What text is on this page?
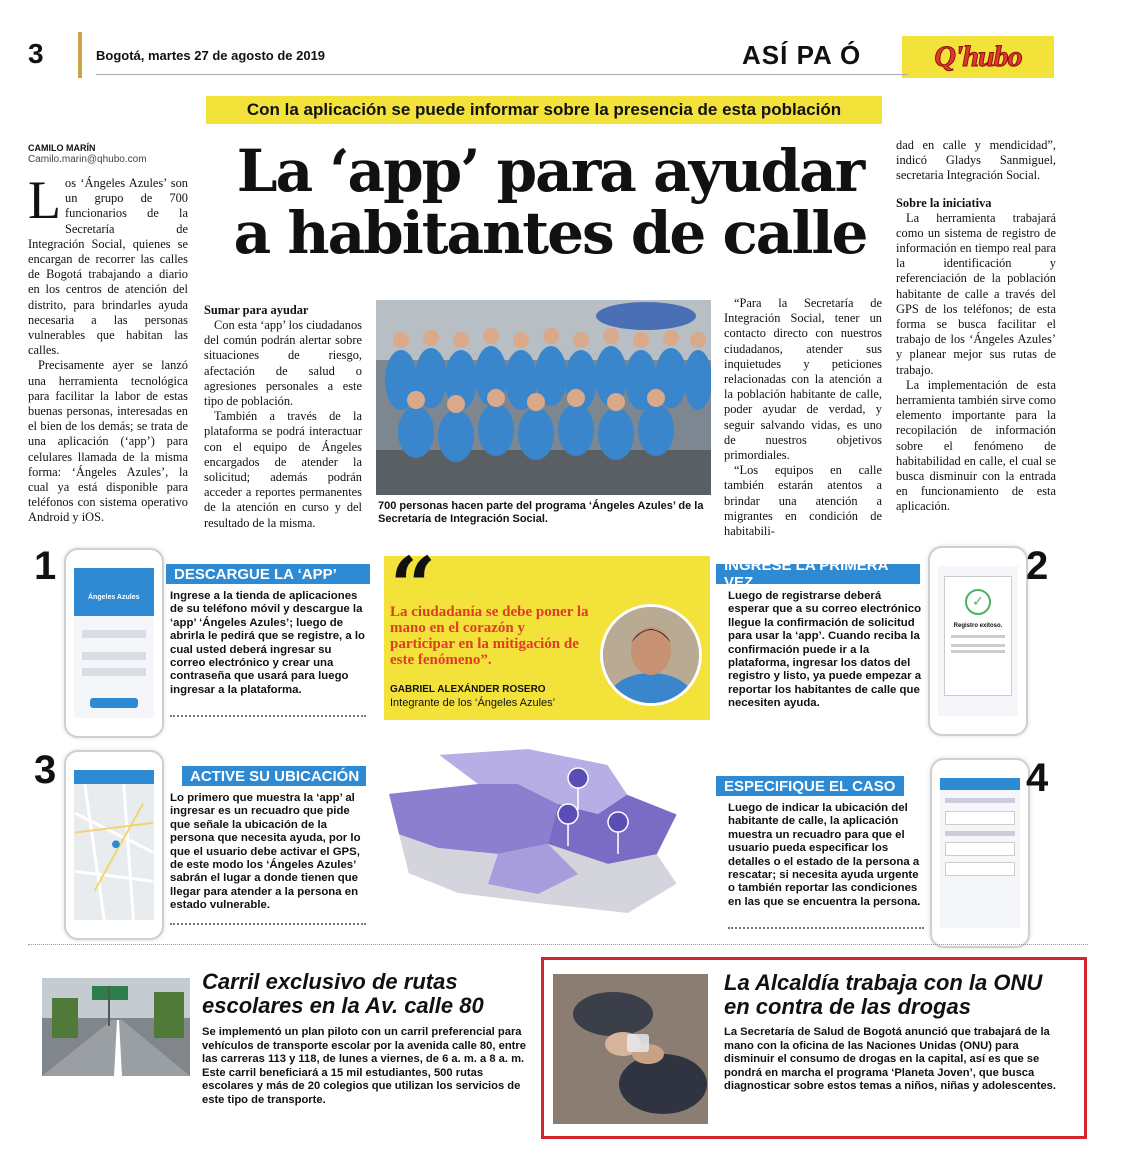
3	Bogotá, martes 27 de agosto de 2019	ASÍ PA Ó Q'hubo
Con la aplicación se puede informar sobre la presencia de esta población
CAMILO MARÍN
Camilo.marin@qhubo.com	La ‘app’ para ayudar a habitantes de calle
L os ‘Ángeles Azules’ son un grupo de 700 funcionarios de la Secretaría de Integración Social, quienes se encargan de recorrer las calles de Bogotá trabajando a diario en los centros de atención del distrito, para brindarles ayuda necesaria a las personas vulnerables que habitan las calles.

Precisamente ayer se lanzó una herramienta tecnológica para facilitar la labor de estas buenas personas, interesadas en el bien de los demás; se trata de una aplicación (‘app’) para celulares llamada de la misma forma: ‘Ángeles Azules’, la cual ya está disponible para teléfonos con sistema operativo Android y iOS.

Sumar para ayudar

Con esta ‘app’ los ciudadanos del común podrán alertar sobre situaciones de riesgo, afectación de salud o agresiones personales a este tipo de población.

También a través de la plataforma se podrá interactuar con el equipo de Ángeles encargados de atender la solicitud; además podrán acceder a reportes permanentes de la atención en curso y del resultado de la misma.

700 personas hacen parte del programa ‘Ángeles Azules’ de la Secretaría de Integración Social.

“Para la Secretaría de Integración Social, tener un contacto directo con nuestros ciudadanos, atender sus inquietudes y peticiones relacionadas con la atención a la población habitante de calle, poder ayudar de verdad, y seguir salvando vidas, es uno de nuestros objetivos primordiales.

“Los equipos en calle también estarán atentos a brindar una atención a migrantes en condición de habitabili-

dad en calle y mendicidad”, indicó Gladys Sanmiguel, secretaria Integración Social.

Sobre la iniciativa

La herramienta trabajará como un sistema de registro de información en tiempo real para la identificación y referenciación de la población habitante de calle a través del GPS de los teléfonos; de esta forma se busca facilitar el trabajo de los ‘Ángeles Azules’ y planear mejor sus rutas de trabajo.

La implementación de esta herramienta también sirve como elemento importante para la recopilación de información sobre el fenómeno de habitabilidad en calle, el cual se busca disminuir con la entrada en funcionamiento de esta aplicación.

1
Ángeles Azules
DESCARGUE LA ‘APP’
Ingrese a la tienda de aplicaciones de su teléfono móvil y descargue la ‘app’ ‘Ángeles Azules’; luego de abrirla le pedirá que se registre, a lo cual usted deberá ingresar su correo electrónico y crear una contraseña que usará para luego ingresar a la plataforma.
“
La ciudadanía se debe poner la mano en el corazón y participar en la mitigación de este fenómeno”.
GABRIEL ALEXÁNDER ROSERO
Integrante de los ‘Ángeles Azules’
INGRESE LA PRIMERA VEZ
Luego de registrarse deberá esperar que a su correo electrónico llegue la confirmación de solicitud para usar la ‘app’. Cuando reciba la confirmación puede ir a la plataforma, ingresar los datos del registro y listo, ya puede empezar a reportar los habitantes de calle que necesiten ayuda.
✓
Registro exitoso.
2
3	ACTIVE SU UBICACIÓN
Lo primero que muestra la ‘app’ al ingresar es un recuadro que pide que señale la ubicación de la persona que necesita ayuda, por lo que el usuario debe activar el GPS, de este modo los ‘Ángeles Azules’ sabrán el lugar a donde tienen que llegar para atender a la persona en estado vulnerable.
ESPECIFIQUE EL CASO
Luego de indicar la ubicación del habitante de calle, la aplicación muestra un recuadro para que el usuario pueda especificar los detalles o el estado de la persona a rescatar; si necesita ayuda urgente o también reportar las condiciones en las que se encuentra la persona.
4
Carril exclusivo de rutas escolares en la Av. calle 80
Se implementó un plan piloto con un carril preferencial para vehículos de transporte escolar por la avenida calle 80, entre las carreras 113 y 118, de lunes a viernes, de 6 a. m. a 8 a. m. Este carril beneficiará a 15 mil estudiantes, 500 rutas escolares y más de 20 colegios que utilizan los servicios de este tipo de transporte.
La Alcaldía trabaja con la ONU en contra de las drogas
La Secretaría de Salud de Bogotá anunció que trabajará de la mano con la oficina de las Naciones Unidas (ONU) para disminuir el consumo de drogas en la capital, así es que se pondrá en marcha el programa ‘Planeta Joven’, que busca diagnosticar sobre estos temas a niños, niñas y adolescentes.
